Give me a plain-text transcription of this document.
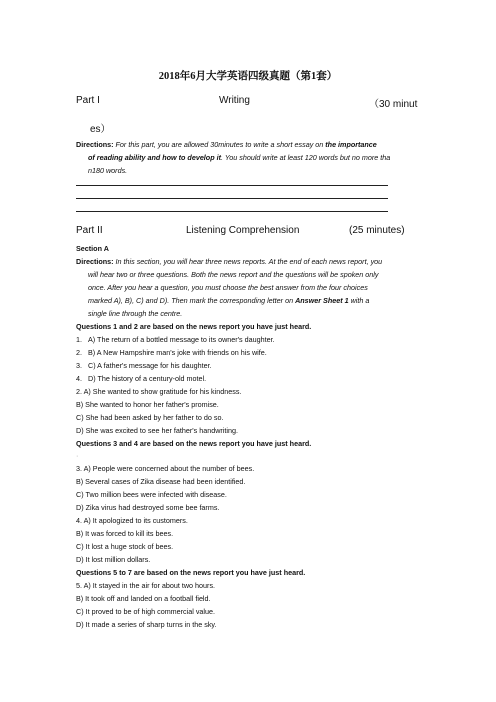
2018年6月大学英语四级真题（第1套）
Part I	Writing	（30 minut
es）
Directions: For this part, you are allowed 30minutes to write a short essay on the importance
of reading ability and how to develop it. You should write at least 120 words but no more tha
n180 words.
Part II	Listening Comprehension	(25 minutes)
Section A
Directions: In this section, you will hear three news reports. At the end of each news report, you
will hear two or three questions. Both the news report and the questions will be spoken only
once. After you hear a question, you must choose the best answer from the four choices
marked A), B), C) and D). Then mark the corresponding letter on Answer Sheet 1 with a
single line through the centre.
Questions 1 and 2 are based on the news report you have just heard.
1. A) The return of a bottled message to its owner's daughter.
2. B) A New Hampshire man's joke with friends on his wife.
3. C) A father's message for his daughter.
4. D) The history of a century-old motel.
2. A) She wanted to show gratitude for his kindness.
B) She wanted to honor her father's promise.
C) She had been asked by her father to do so.
D) She was excited to see her father's handwriting.
Questions 3 and 4 are based on the news report you have just heard.
·
3. A) People were concerned about the number of bees.
B) Several cases of Zika disease had been identified.
C) Two million bees were infected with disease.
D) Zika virus had destroyed some bee farms.
4. A) It apologized to its customers.
B) It was forced to kill its bees.
C) It lost a huge stock of bees.
D) It lost million dollars.
Questions 5 to 7 are based on the news report you have just heard.
5. A) It stayed in the air for about two hours.
B) It took off and landed on a football field.
C) It proved to be of high commercial value.
D) It made a series of sharp turns in the sky.
